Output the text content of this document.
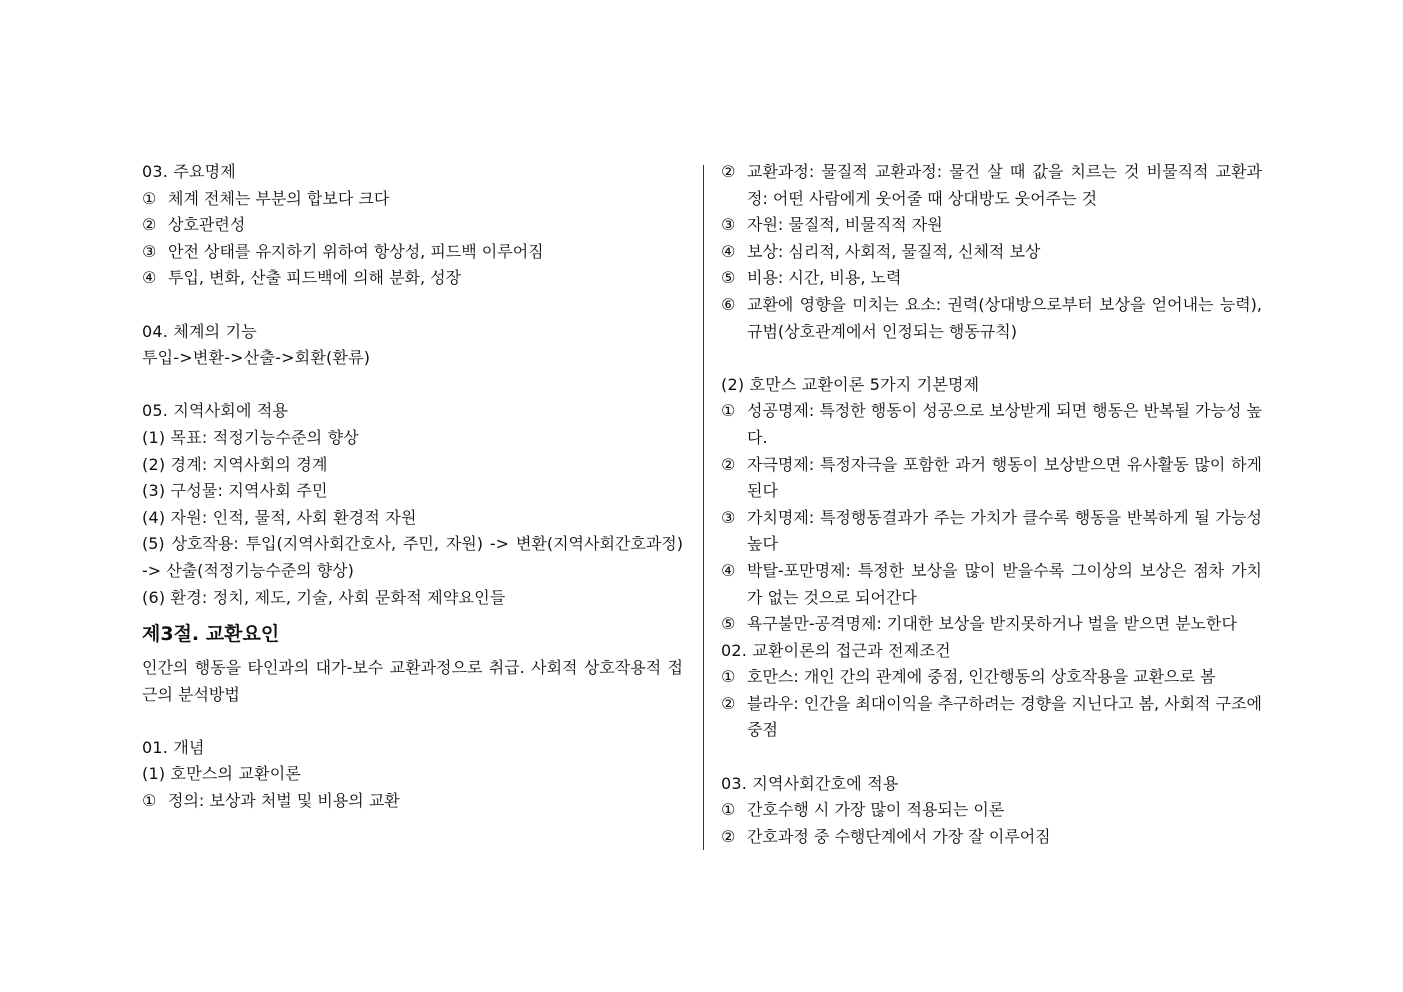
03. 주요명제
① 체계 전체는 부분의 합보다 크다
② 상호관련성
③ 안전 상태를 유지하기 위하여 항상성, 피드백 이루어짐
④ 투입, 변화, 산출 피드백에 의해 분화, 성장
04. 체계의 기능
투입->변환->산출->회환(환류)
05. 지역사회에 적용
(1) 목표: 적정기능수준의 향상
(2) 경계: 지역사회의 경계
(3) 구성물: 지역사회 주민
(4) 자원: 인적, 물적, 사회 환경적 자원
(5) 상호작용: 투입(지역사회간호사, 주민, 자원) -> 변환(지역사회간호과정) -> 산출(적정기능수준의 향상)
(6) 환경: 정치, 제도, 기술, 사회 문화적 제약요인들
제3절. 교환요인
인간의 행동을 타인과의 대가-보수 교환과정으로 취급. 사회적 상호작용적 접근의 분석방법
01. 개념
(1) 호만스의 교환이론
① 정의: 보상과 처벌 및 비용의 교환
② 교환과정: 물질적 교환과정: 물건 살 때 값을 치르는 것 비물직적 교환과정: 어떤 사람에게 웃어줄 때 상대방도 웃어주는 것
③ 자원: 물질적, 비물직적 자원
④ 보상: 심리적, 사회적, 물질적, 신체적 보상
⑤ 비용: 시간, 비용, 노력
⑥ 교환에 영향을 미치는 요소: 권력(상대방으로부터 보상을 얻어내는 능력), 규범(상호관계에서 인정되는 행동규칙)
(2) 호만스 교환이론 5가지 기본명제
① 성공명제: 특정한 행동이 성공으로 보상받게 되면 행동은 반복될 가능성 높다.
② 자극명제: 특정자극을 포함한 과거 행동이 보상받으면 유사활동 많이 하게 된다
③ 가치명제: 특정행동결과가 주는 가치가 클수록 행동을 반복하게 될 가능성 높다
④ 박탈-포만명제: 특정한 보상을 많이 받을수록 그이상의 보상은 점차 가치가 없는 것으로 되어간다
⑤ 욕구불만-공격명제: 기대한 보상을 받지못하거나 벌을 받으면 분노한다
02. 교환이론의 접근과 전제조건
① 호만스: 개인 간의 관계에 중점, 인간행동의 상호작용을 교환으로 봄
② 블라우: 인간을 최대이익을 추구하려는 경향을 지닌다고 봄, 사회적 구조에 중점
03. 지역사회간호에 적용
① 간호수행 시 가장 많이 적용되는 이론
② 간호과정 중 수행단계에서 가장 잘 이루어짐
